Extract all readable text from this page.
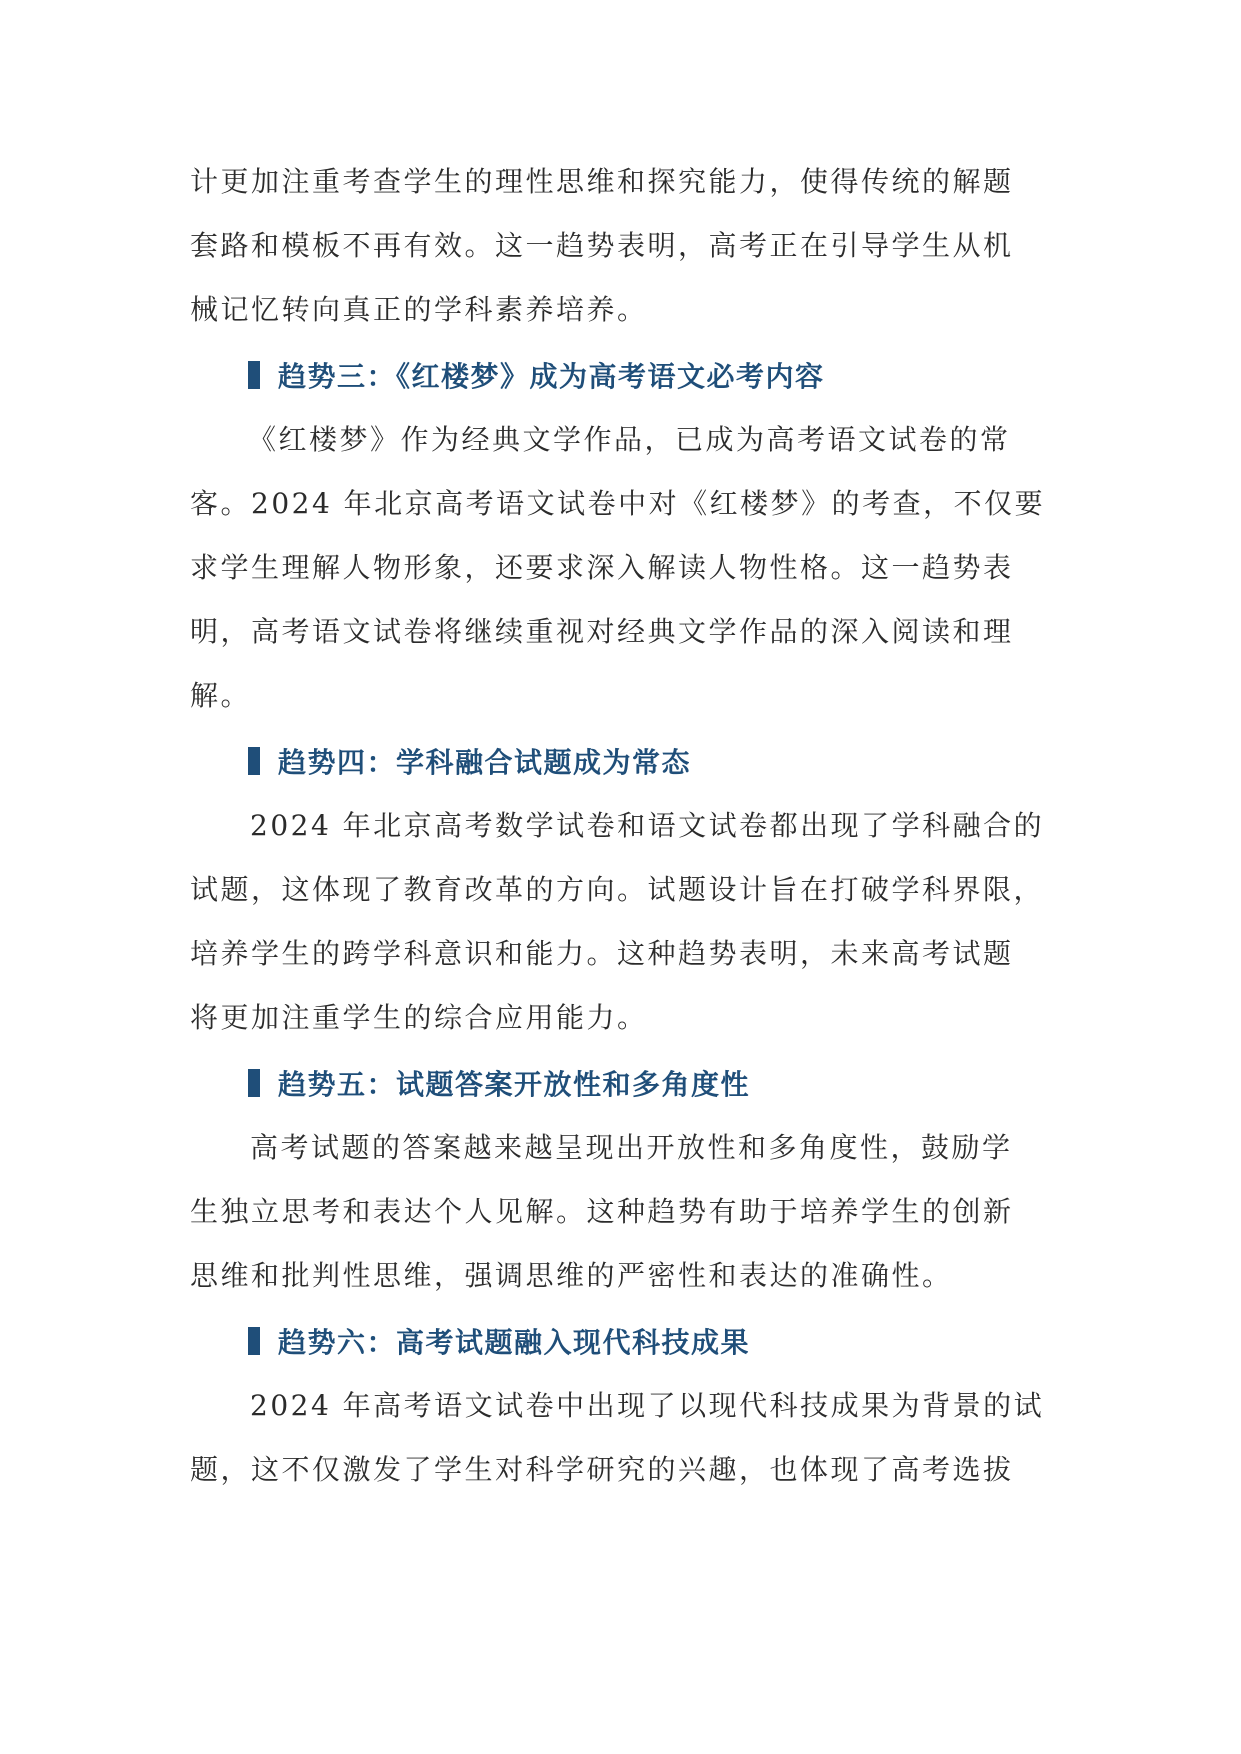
计更加注重考查学生的理性思维和探究能力，使得传统的解题
套路和模板不再有效。这一趋势表明，高考正在引导学生从机
械记忆转向真正的学科素养培养。
趋势三：《红楼梦》成为高考语文必考内容
《红楼梦》作为经典文学作品，已成为高考语文试卷的常
客。2024 年北京高考语文试卷中对《红楼梦》的考查，不仅要
求学生理解人物形象，还要求深入解读人物性格。这一趋势表
明，高考语文试卷将继续重视对经典文学作品的深入阅读和理
解。
趋势四：学科融合试题成为常态
2024 年北京高考数学试卷和语文试卷都出现了学科融合的
试题，这体现了教育改革的方向。试题设计旨在打破学科界限，
培养学生的跨学科意识和能力。这种趋势表明，未来高考试题
将更加注重学生的综合应用能力。
趋势五：试题答案开放性和多角度性
高考试题的答案越来越呈现出开放性和多角度性，鼓励学
生独立思考和表达个人见解。这种趋势有助于培养学生的创新
思维和批判性思维，强调思维的严密性和表达的准确性。
趋势六：高考试题融入现代科技成果
2024 年高考语文试卷中出现了以现代科技成果为背景的试
题，这不仅激发了学生对科学研究的兴趣，也体现了高考选拔
